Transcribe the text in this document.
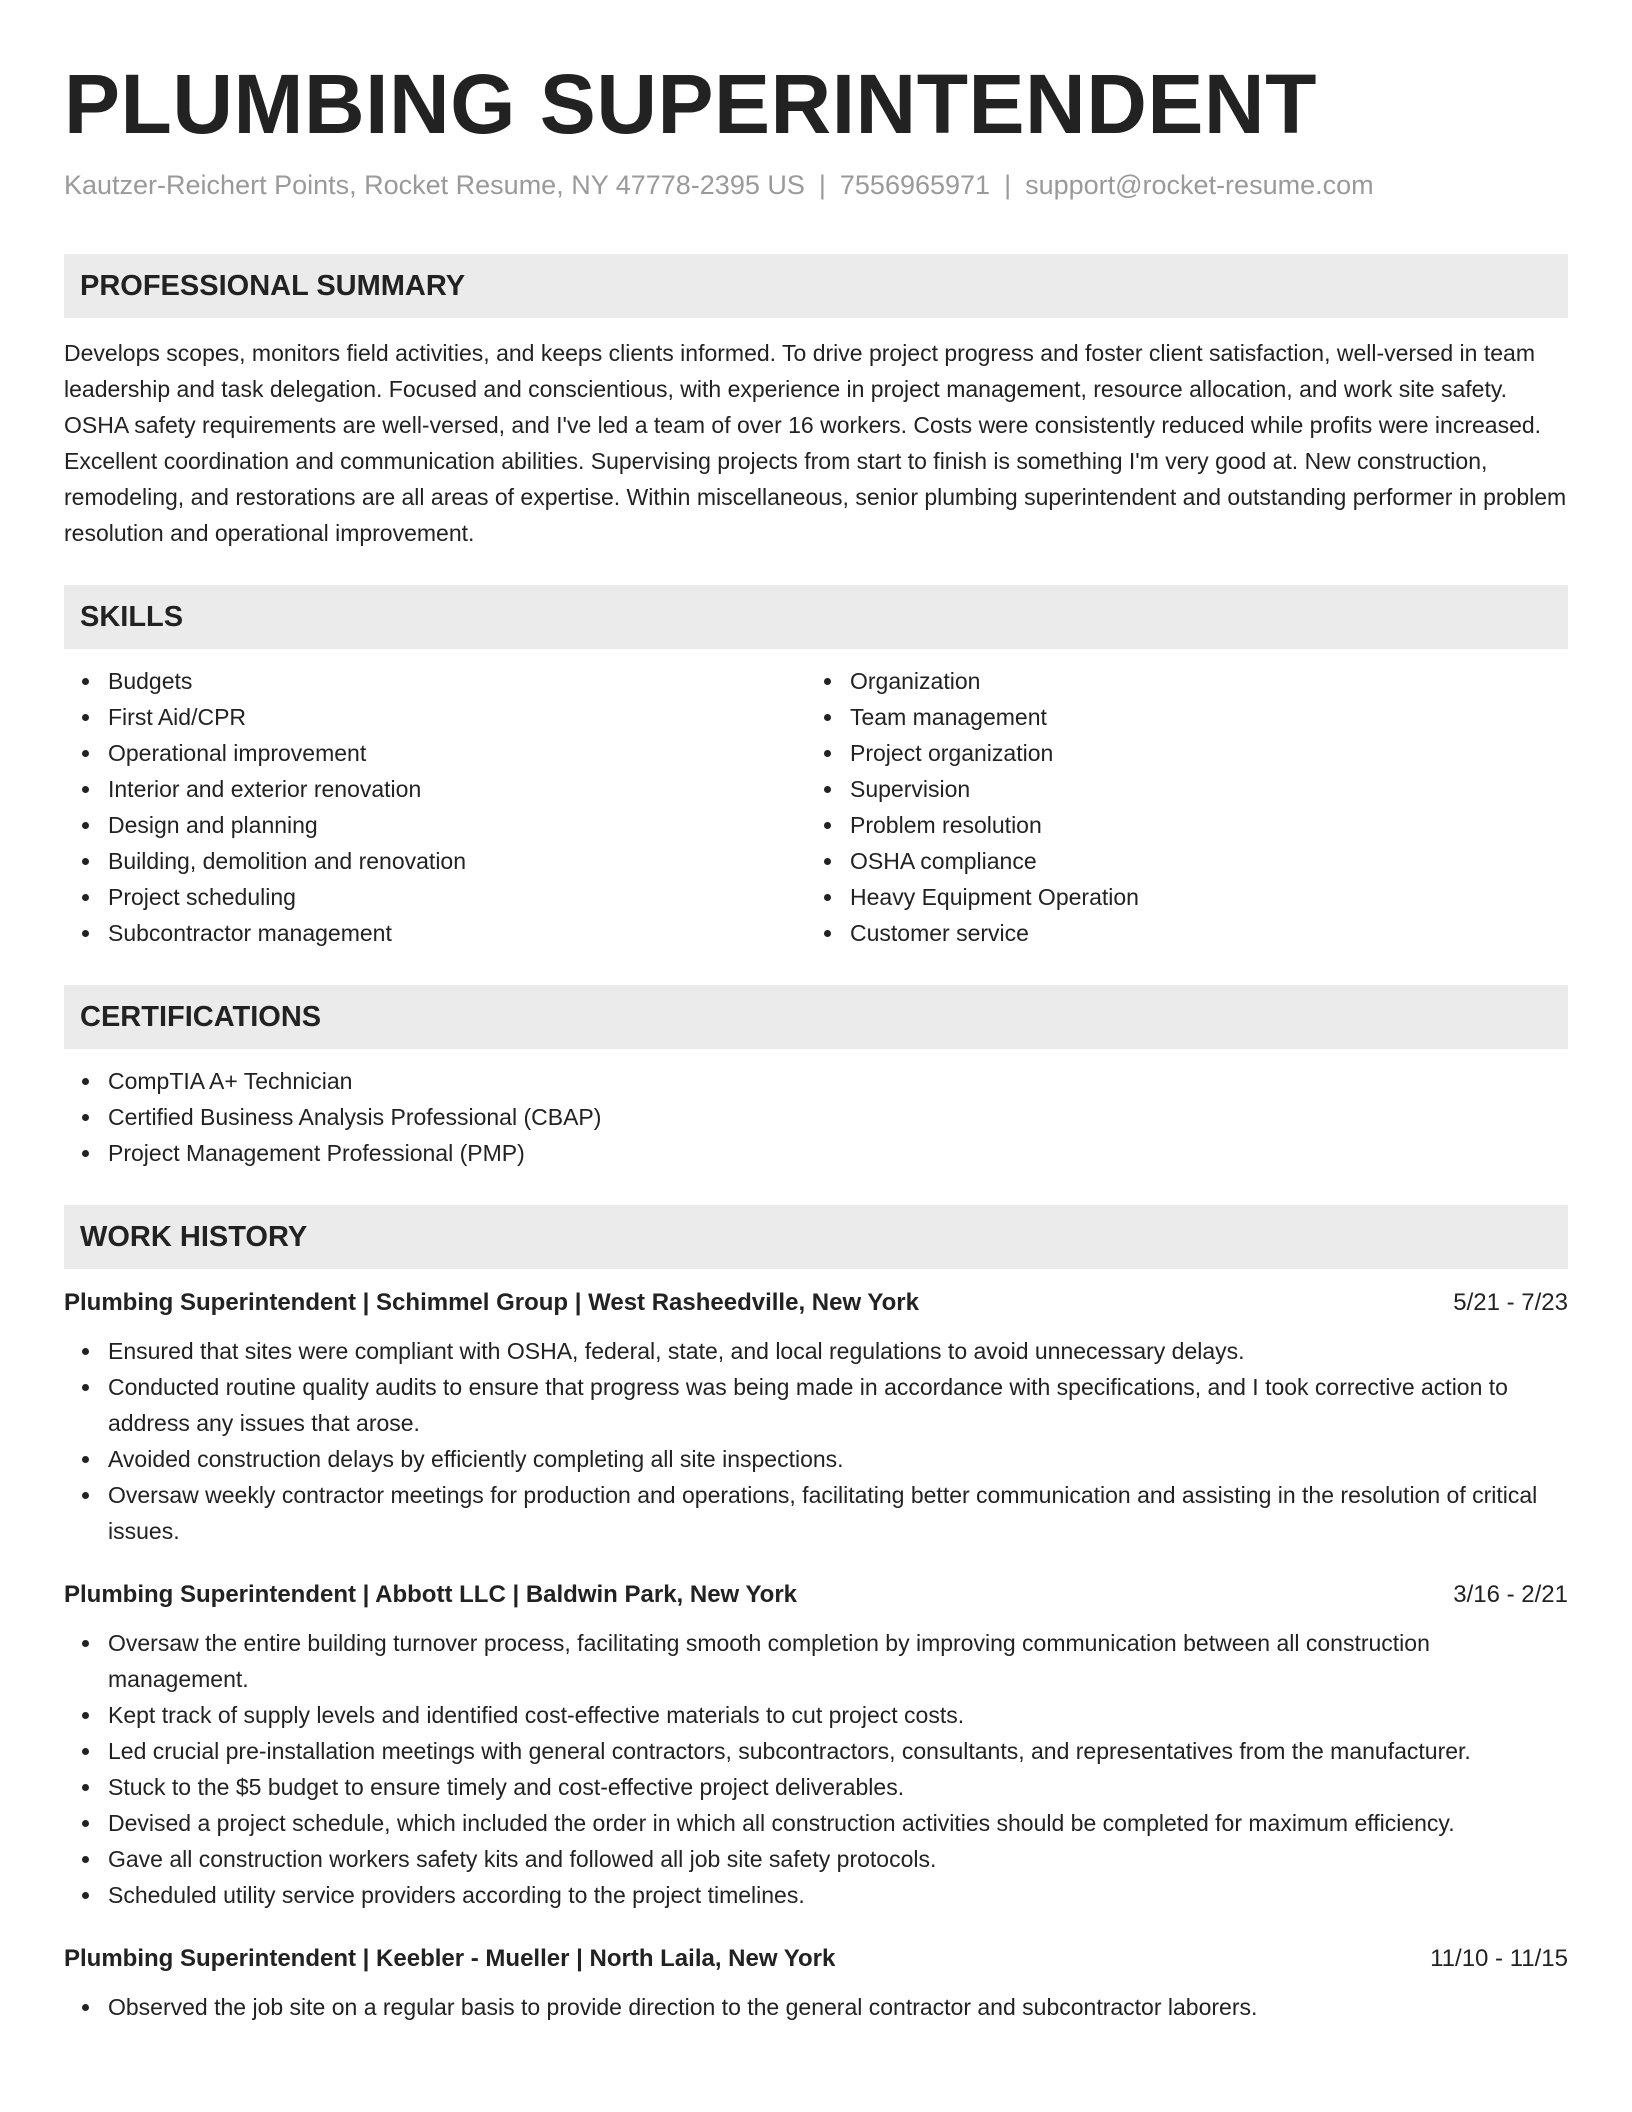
PLUMBING SUPERINTENDENT
Kautzer-Reichert Points, Rocket Resume, NY 47778-2395 US | 7556965971 | support@rocket-resume.com
PROFESSIONAL SUMMARY

Develops scopes, monitors field activities, and keeps clients informed. To drive project progress and foster client satisfaction, well-versed in team leadership and task delegation. Focused and conscientious, with experience in project management, resource allocation, and work site safety. OSHA safety requirements are well-versed, and I've led a team of over 16 workers. Costs were consistently reduced while profits were increased. Excellent coordination and communication abilities. Supervising projects from start to finish is something I'm very good at. New construction, remodeling, and restorations are all areas of expertise. Within miscellaneous, senior plumbing superintendent and outstanding performer in problem resolution and operational improvement.

SKILLS
Budgets
First Aid/CPR
Operational improvement
Interior and exterior renovation
Design and planning
Building, demolition and renovation
Project scheduling
Subcontractor management
Organization
Team management
Project organization
Supervision
Problem resolution
OSHA compliance
Heavy Equipment Operation
Customer service
CERTIFICATIONS
CompTIA A+ Technician
Certified Business Analysis Professional (CBAP)
Project Management Professional (PMP)
WORK HISTORY
Plumbing Superintendent | Schimmel Group | West Rasheedville, New York	5/21 - 7/23
Ensured that sites were compliant with OSHA, federal, state, and local regulations to avoid unnecessary delays.
Conducted routine quality audits to ensure that progress was being made in accordance with specifications, and I took corrective action to address any issues that arose.
Avoided construction delays by efficiently completing all site inspections.
Oversaw weekly contractor meetings for production and operations, facilitating better communication and assisting in the resolution of critical issues.
Plumbing Superintendent | Abbott LLC | Baldwin Park, New York	3/16 - 2/21
Oversaw the entire building turnover process, facilitating smooth completion by improving communication between all construction management.
Kept track of supply levels and identified cost-effective materials to cut project costs.
Led crucial pre-installation meetings with general contractors, subcontractors, consultants, and representatives from the manufacturer.
Stuck to the $5 budget to ensure timely and cost-effective project deliverables.
Devised a project schedule, which included the order in which all construction activities should be completed for maximum efficiency.
Gave all construction workers safety kits and followed all job site safety protocols.
Scheduled utility service providers according to the project timelines.
Plumbing Superintendent | Keebler - Mueller | North Laila, New York	11/10 - 11/15
Observed the job site on a regular basis to provide direction to the general contractor and subcontractor laborers.
